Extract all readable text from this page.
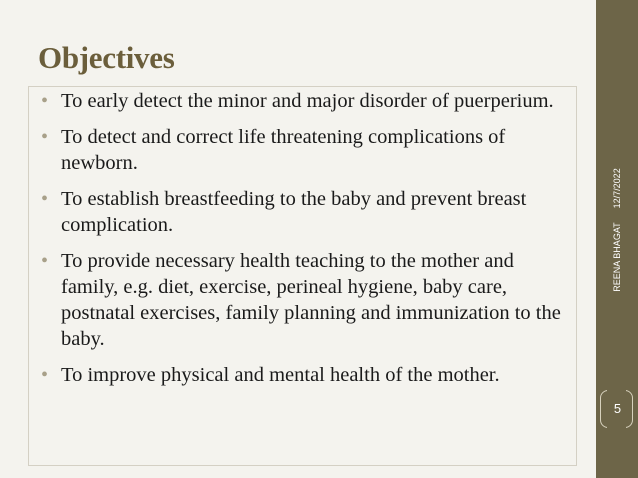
Objectives
• To early detect the minor and major disorder of puerperium.
• To detect and correct life threatening complications of newborn.
• To establish breastfeeding to the baby and prevent breast complication.
• To provide necessary health teaching to the mother and family, e.g. diet, exercise, perineal hygiene, baby care, postnatal exercises, family planning and immunization to the baby.
• To improve physical and mental health of the mother.
REENA BHAGAT12/7/2022
5
